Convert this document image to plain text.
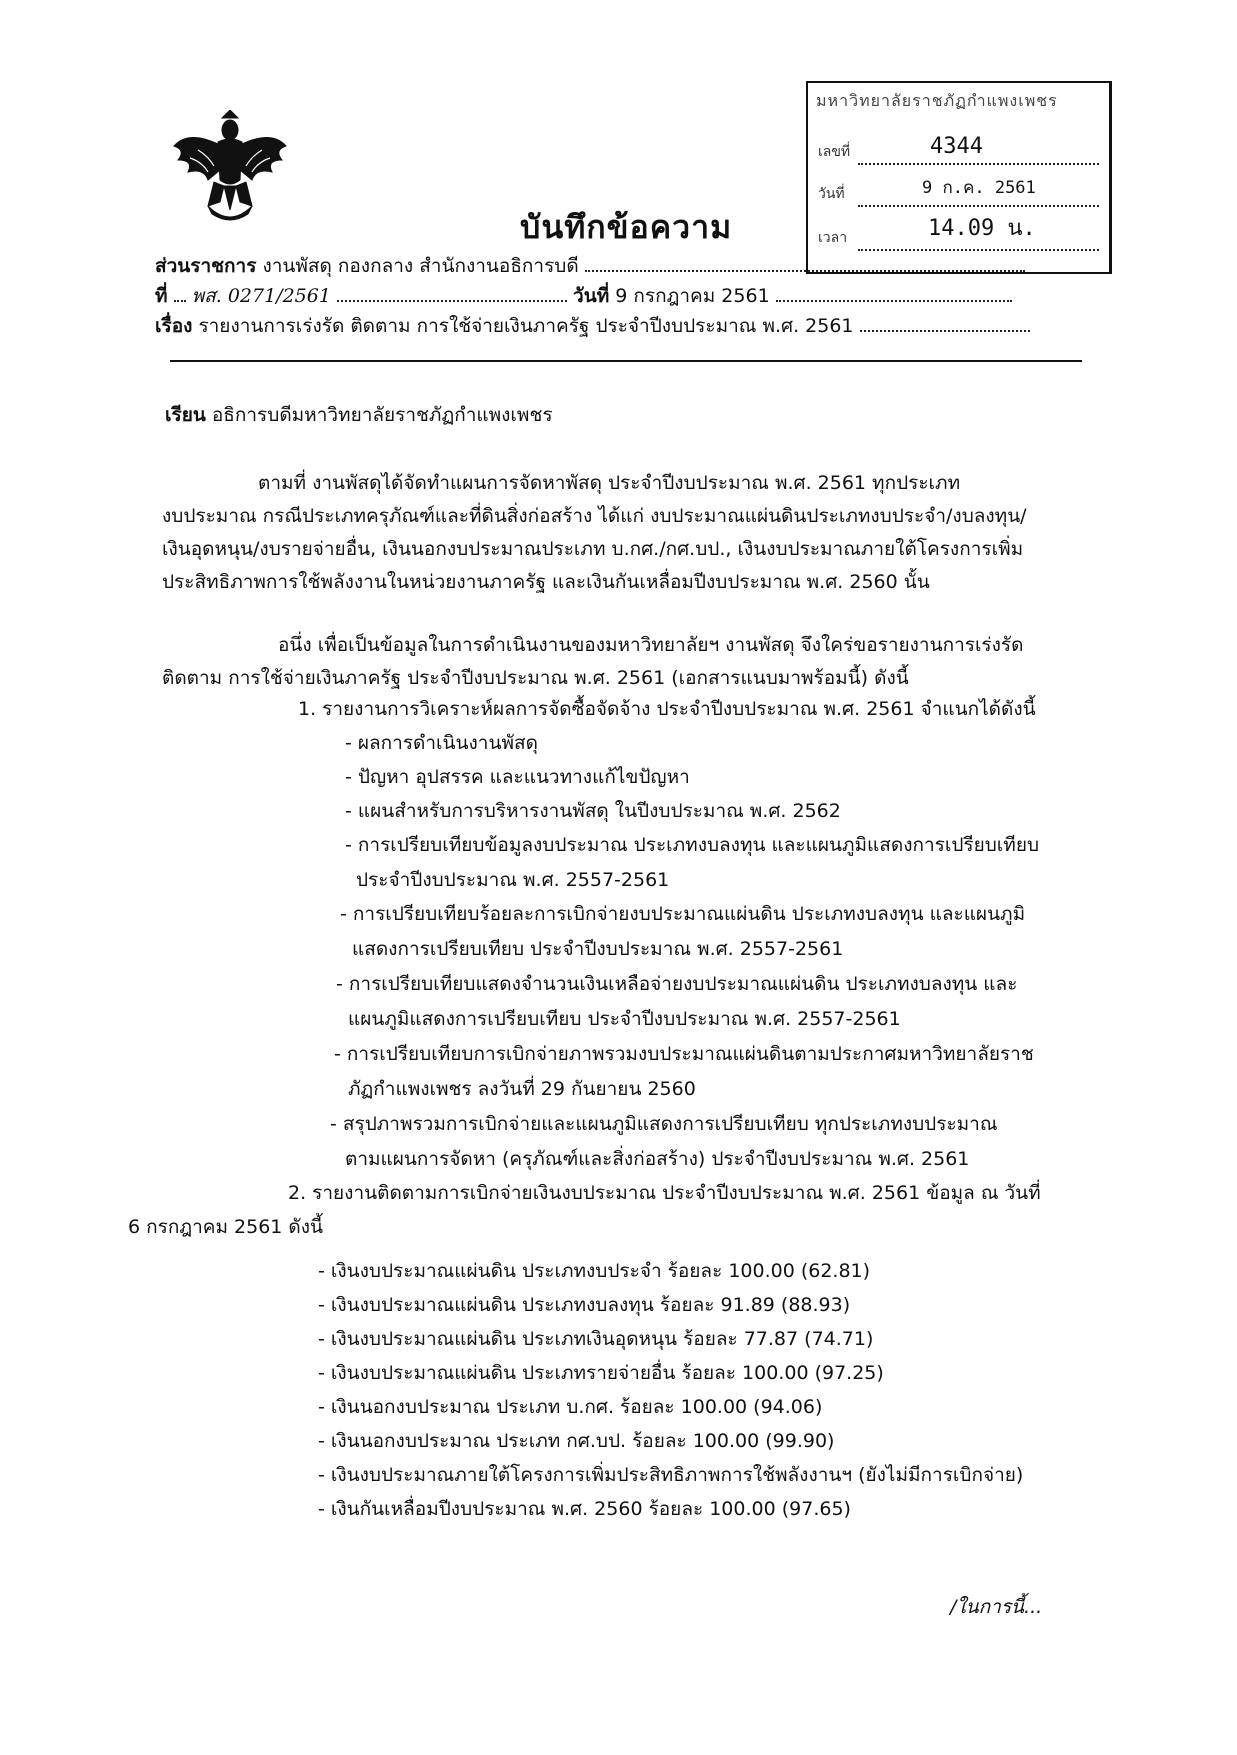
บันทึกข้อความ
มหาวิทยาลัยราชภัฏกำแพงเพชร
เลขที่	4344
วันที่	9 ก.ค. 2561
เวลา	14.09 น.
ส่วนราชการ งานพัสดุ กองกลาง สำนักงานอธิการบดี
ที่ พส. 0271/2561	วันที่ 9 กรกฎาคม 2561
เรื่อง รายงานการเร่งรัด ติดตาม การใช้จ่ายเงินภาครัฐ ประจำปีงบประมาณ พ.ศ. 2561
เรียน อธิการบดีมหาวิทยาลัยราชภัฏกำแพงเพชร
ตามที่ งานพัสดุได้จัดทำแผนการจัดหาพัสดุ ประจำปีงบประมาณ พ.ศ. 2561 ทุกประเภท
งบประมาณ กรณีประเภทครุภัณฑ์และที่ดินสิ่งก่อสร้าง ได้แก่ งบประมาณแผ่นดินประเภทงบประจำ/งบลงทุน/
เงินอุดหนุน/งบรายจ่ายอื่น, เงินนอกงบประมาณประเภท บ.กศ./กศ.บป., เงินงบประมาณภายใต้โครงการเพิ่ม
ประสิทธิภาพการใช้พลังงานในหน่วยงานภาครัฐ และเงินกันเหลื่อมปีงบประมาณ พ.ศ. 2560 นั้น
อนึ่ง เพื่อเป็นข้อมูลในการดำเนินงานของมหาวิทยาลัยฯ งานพัสดุ จึงใคร่ขอรายงานการเร่งรัด
ติดตาม การใช้จ่ายเงินภาครัฐ ประจำปีงบประมาณ พ.ศ. 2561 (เอกสารแนบมาพร้อมนี้) ดังนี้
1. รายงานการวิเคราะห์ผลการจัดซื้อจัดจ้าง ประจำปีงบประมาณ พ.ศ. 2561 จำแนกได้ดังนี้
- ผลการดำเนินงานพัสดุ
- ปัญหา อุปสรรค และแนวทางแก้ไขปัญหา
- แผนสำหรับการบริหารงานพัสดุ ในปีงบประมาณ พ.ศ. 2562
- การเปรียบเทียบข้อมูลงบประมาณ ประเภทงบลงทุน และแผนภูมิแสดงการเปรียบเทียบ
ประจำปีงบประมาณ พ.ศ. 2557-2561
- การเปรียบเทียบร้อยละการเบิกจ่ายงบประมาณแผ่นดิน ประเภทงบลงทุน และแผนภูมิ
แสดงการเปรียบเทียบ ประจำปีงบประมาณ พ.ศ. 2557-2561
- การเปรียบเทียบแสดงจำนวนเงินเหลือจ่ายงบประมาณแผ่นดิน ประเภทงบลงทุน และ
แผนภูมิแสดงการเปรียบเทียบ ประจำปีงบประมาณ พ.ศ. 2557-2561
- การเปรียบเทียบการเบิกจ่ายภาพรวมงบประมาณแผ่นดินตามประกาศมหาวิทยาลัยราช
ภัฏกำแพงเพชร ลงวันที่ 29 กันยายน 2560
- สรุปภาพรวมการเบิกจ่ายและแผนภูมิแสดงการเปรียบเทียบ ทุกประเภทงบประมาณ
ตามแผนการจัดหา (ครุภัณฑ์และสิ่งก่อสร้าง) ประจำปีงบประมาณ พ.ศ. 2561
2. รายงานติดตามการเบิกจ่ายเงินงบประมาณ ประจำปีงบประมาณ พ.ศ. 2561 ข้อมูล ณ วันที่
6 กรกฎาคม 2561 ดังนี้
- เงินงบประมาณแผ่นดิน ประเภทงบประจำ ร้อยละ 100.00 (62.81)
- เงินงบประมาณแผ่นดิน ประเภทงบลงทุน ร้อยละ 91.89 (88.93)
- เงินงบประมาณแผ่นดิน ประเภทเงินอุดหนุน ร้อยละ 77.87 (74.71)
- เงินงบประมาณแผ่นดิน ประเภทรายจ่ายอื่น ร้อยละ 100.00 (97.25)
- เงินนอกงบประมาณ ประเภท บ.กศ. ร้อยละ 100.00 (94.06)
- เงินนอกงบประมาณ ประเภท กศ.บป. ร้อยละ 100.00 (99.90)
- เงินงบประมาณภายใต้โครงการเพิ่มประสิทธิภาพการใช้พลังงานฯ (ยังไม่มีการเบิกจ่าย)
- เงินกันเหลื่อมปีงบประมาณ พ.ศ. 2560 ร้อยละ 100.00 (97.65)
/ในการนี้...
